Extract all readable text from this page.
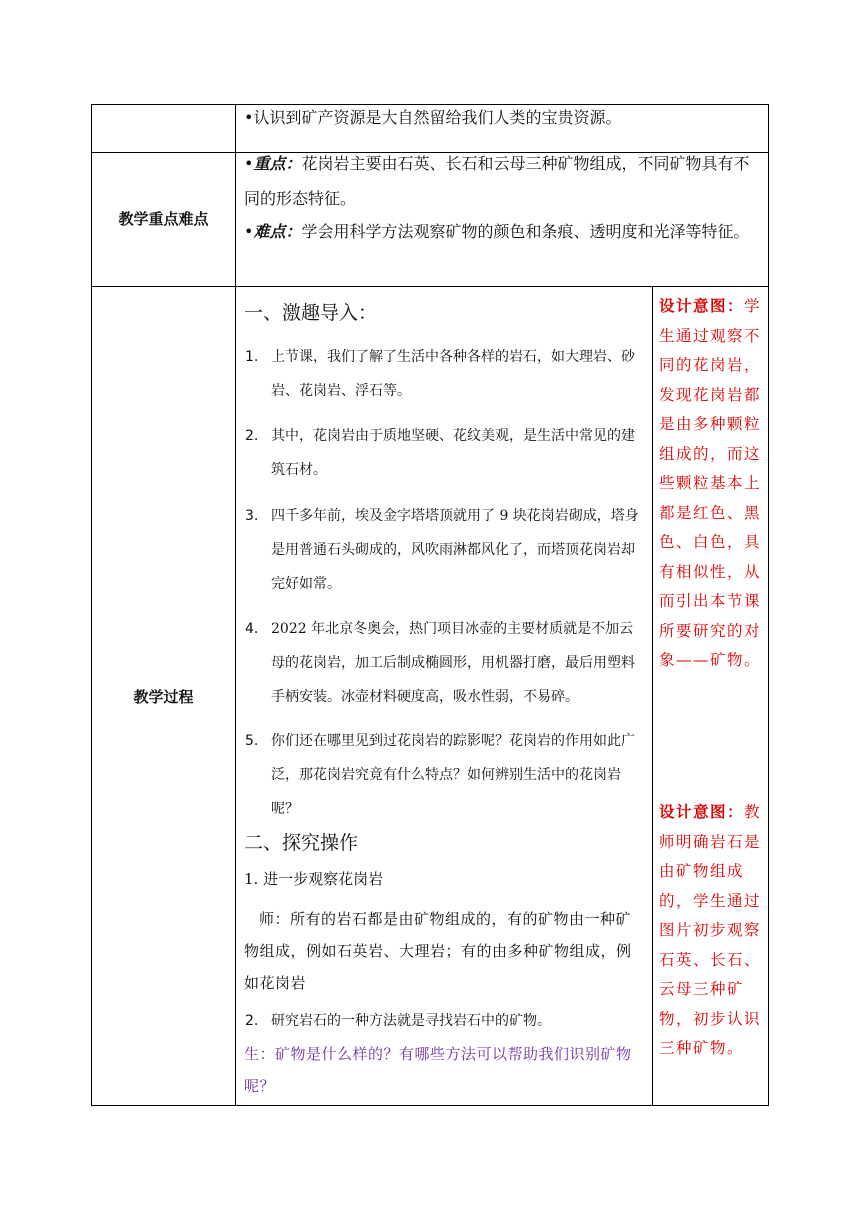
•认识到矿产资源是大自然留给我们人类的宝贵资源。
教学重点难点
•重点：花岗岩主要由石英、长石和云母三种矿物组成，不同矿物具有不同的形态特征。
•难点：学会用科学方法观察矿物的颜色和条痕、透明度和光泽等特征。
教学过程
一、激趣导入：
1. 上节课，我们了解了生活中各种各样的岩石，如大理岩、砂岩、花岗岩、浮石等。
2. 其中，花岗岩由于质地坚硬、花纹美观，是生活中常见的建筑石材。
3. 四千多年前，埃及金字塔塔顶就用了 9 块花岗岩砌成，塔身是用普通石头砌成的，风吹雨淋都风化了，而塔顶花岗岩却完好如常。
4. 2022 年北京冬奥会，热门项目冰壶的主要材质就是不加云母的花岗岩，加工后制成椭圆形，用机器打磨，最后用塑料手柄安装。冰壶材料硬度高，吸水性弱，不易碎。
5. 你们还在哪里见到过花岗岩的踪影呢？花岗岩的作用如此广泛，那花岗岩究竟有什么特点？如何辨别生活中的花岗岩呢？
二、探究操作
1. 进一步观察花岗岩
师：所有的岩石都是由矿物组成的，有的矿物由一种矿物组成，例如石英岩、大理岩；有的由多种矿物组成，例如花岗岩
2. 研究岩石的一种方法就是寻找岩石中的矿物。
生：矿物是什么样的？有哪些方法可以帮助我们识别矿物呢？
设计意图：学生通过观察不同的花岗岩，发现花岗岩都是由多种颗粒组成的，而这些颗粒基本上都是红色、黑色、白色，具有相似性，从而引出本节课所要研究的对象——矿物。
设计意图：教师明确岩石是由矿物组成的，学生通过图片初步观察石英、长石、云母三种矿物，初步认识三种矿物。
